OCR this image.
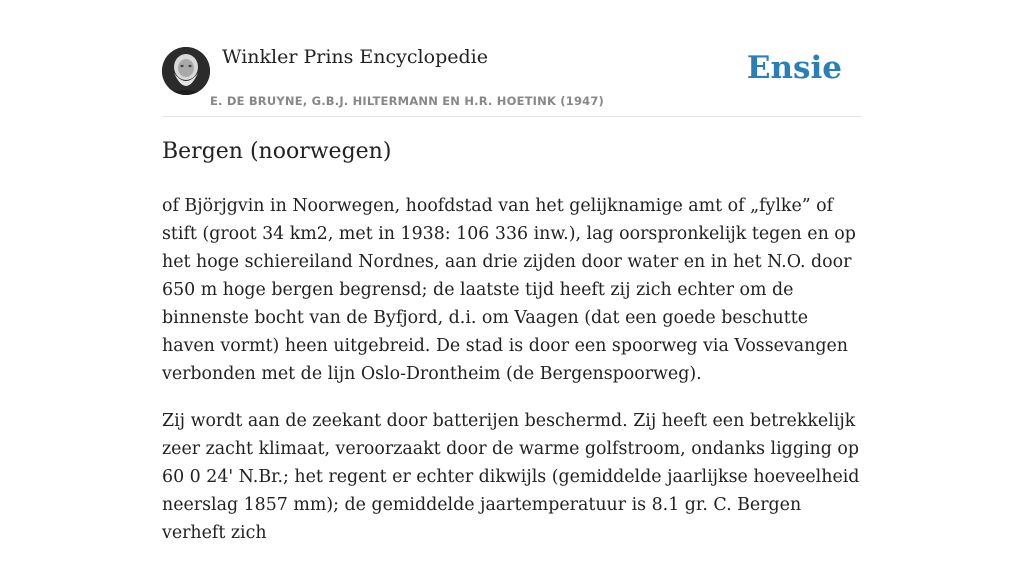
Winkler Prins Encyclopedie
E. DE BRUYNE, G.B.J. HILTERMANN EN H.R. HOETINK (1947)
Ensie
Bergen (noorwegen)

of Björjgvin in Noorwegen, hoofdstad van het gelijknamige amt of „fylke” of stift (groot 34 km2, met in 1938: 106 336 inw.), lag oorspronkelijk tegen en op het hoge schiereiland Nordnes, aan drie zijden door water en in het N.O. door 650 m hoge bergen begrensd; de laatste tijd heeft zij zich echter om de binnenste bocht van de Byfjord, d.i. om Vaagen (dat een goede beschutte haven vormt) heen uitgebreid. De stad is door een spoorweg via Vossevangen verbonden met de lijn Oslo-Drontheim (de Bergenspoorweg).

Zij wordt aan de zeekant door batterijen beschermd. Zij heeft een betrekkelijk zeer zacht klimaat, veroorzaakt door de warme golfstroom, ondanks ligging op 60 0 24' N.Br.; het regent er echter dikwijls (gemiddelde jaarlijkse hoeveelheid neerslag 1857 mm); de gemiddelde jaartemperatuur is 8.1 gr. C. Bergen verheft zich
